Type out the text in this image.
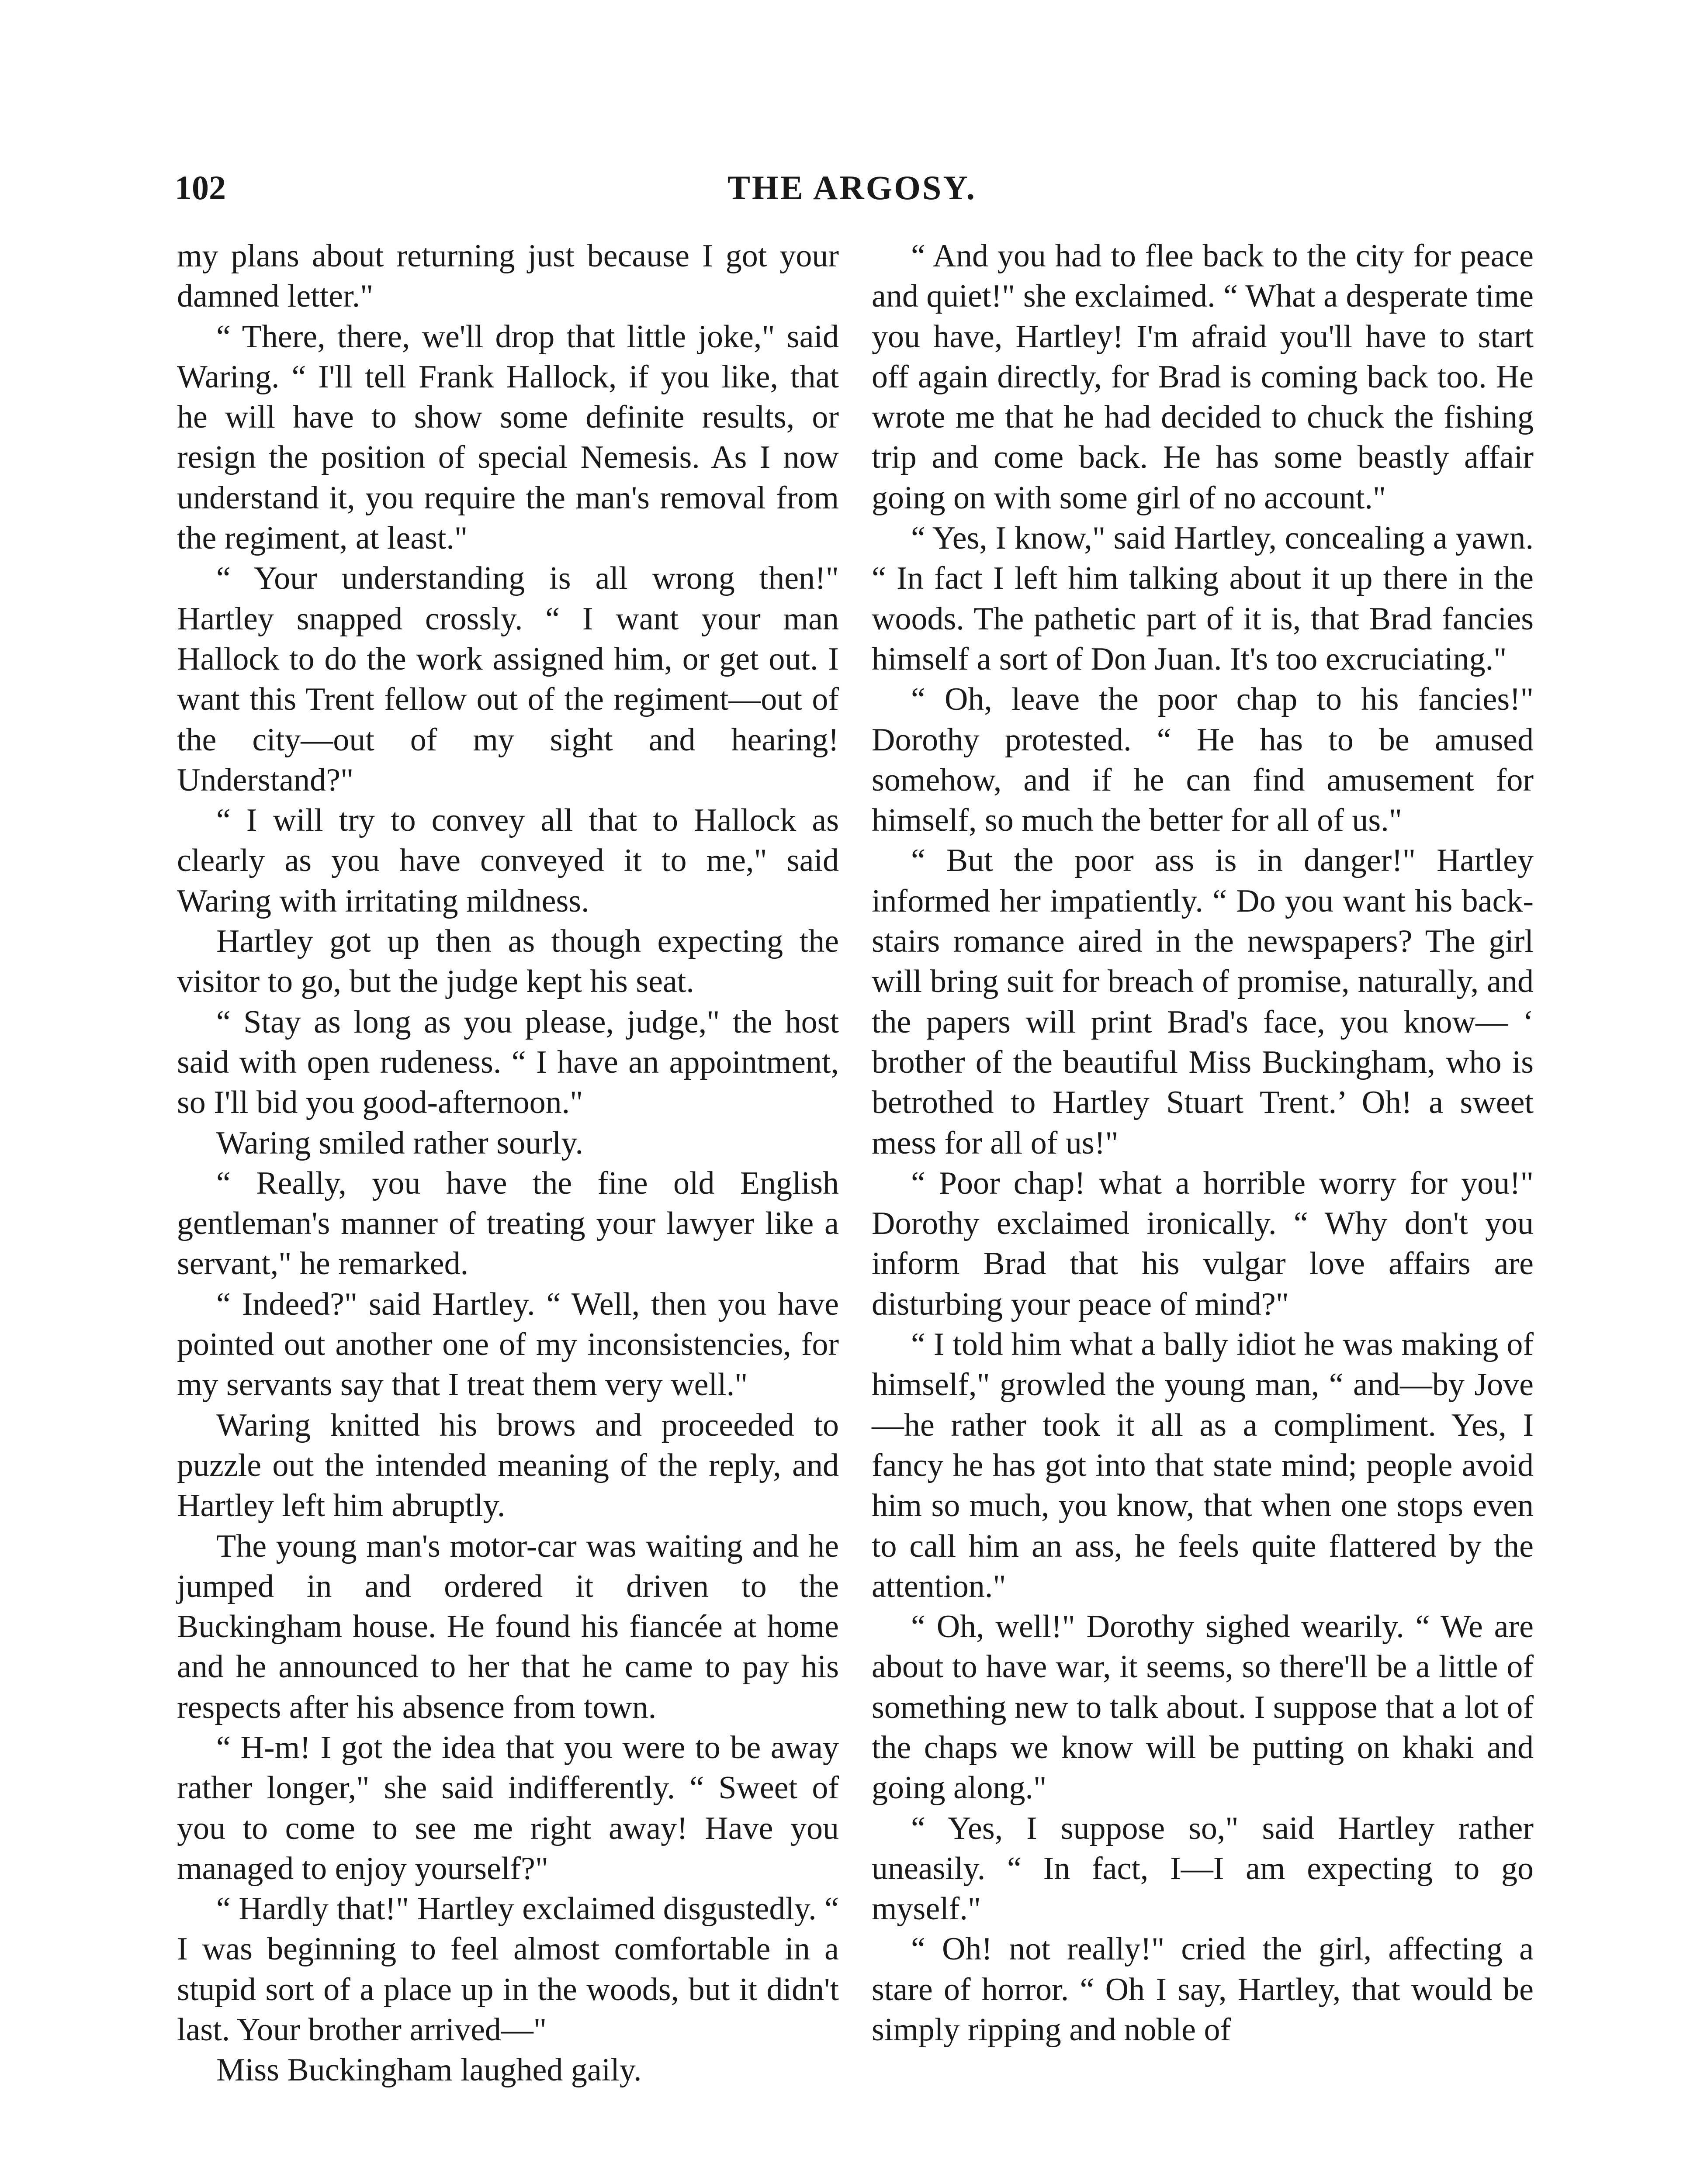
102	THE ARGOSY.

my plans about returning just because I got your damned letter."

“ There, there, we'll drop that little joke," said Waring. “ I'll tell Frank Hallock, if you like, that he will have to show some definite results, or resign the position of special Nemesis. As I now understand it, you require the man's removal from the regiment, at least."

“ Your understanding is all wrong then!" Hartley snapped crossly. “ I want your man Hallock to do the work assigned him, or get out. I want this Trent fellow out of the regiment—out of the city—out of my sight and hearing! Understand?"

“ I will try to convey all that to Hallock as clearly as you have conveyed it to me," said Waring with irritating mildness.

Hartley got up then as though expecting the visitor to go, but the judge kept his seat.

“ Stay as long as you please, judge," the host said with open rudeness. “ I have an appointment, so I'll bid you good-afternoon."

Waring smiled rather sourly.

“ Really, you have the fine old English gentleman's manner of treating your lawyer like a servant," he remarked.

“ Indeed?" said Hartley. “ Well, then you have pointed out another one of my inconsistencies, for my servants say that I treat them very well."

Waring knitted his brows and proceeded to puzzle out the intended meaning of the reply, and Hartley left him abruptly.

The young man's motor-car was waiting and he jumped in and ordered it driven to the Buckingham house. He found his fiancée at home and he announced to her that he came to pay his respects after his absence from town.

“ H-m! I got the idea that you were to be away rather longer," she said indifferently. “ Sweet of you to come to see me right away! Have you managed to enjoy yourself?"

“ Hardly that!" Hartley exclaimed disgustedly. “ I was beginning to feel almost comfortable in a stupid sort of a place up in the woods, but it didn't last. Your brother arrived—"

Miss Buckingham laughed gaily.

“ And you had to flee back to the city for peace and quiet!" she exclaimed. “ What a desperate time you have, Hartley! I'm afraid you'll have to start off again directly, for Brad is coming back too. He wrote me that he had decided to chuck the fishing trip and come back. He has some beastly affair going on with some girl of no account."

“ Yes, I know," said Hartley, concealing a yawn. “ In fact I left him talking about it up there in the woods. The pathetic part of it is, that Brad fancies himself a sort of Don Juan. It's too excruciating."

“ Oh, leave the poor chap to his fancies!" Dorothy protested. “ He has to be amused somehow, and if he can find amusement for himself, so much the better for all of us."

“ But the poor ass is in danger!" Hartley informed her impatiently. “ Do you want his back-stairs romance aired in the newspapers? The girl will bring suit for breach of promise, naturally, and the papers will print Brad's face, you know— ‘ brother of the beautiful Miss Buckingham, who is betrothed to Hartley Stuart Trent.’ Oh! a sweet mess for all of us!"

“ Poor chap! what a horrible worry for you!" Dorothy exclaimed ironically. “ Why don't you inform Brad that his vulgar love affairs are disturbing your peace of mind?"

“ I told him what a bally idiot he was making of himself," growled the young man, “ and—by Jove—he rather took it all as a compliment. Yes, I fancy he has got into that state mind; people avoid him so much, you know, that when one stops even to call him an ass, he feels quite flattered by the attention."

“ Oh, well!" Dorothy sighed wearily. “ We are about to have war, it seems, so there'll be a little of something new to talk about. I suppose that a lot of the chaps we know will be putting on khaki and going along."

“ Yes, I suppose so," said Hartley rather uneasily. “ In fact, I—I am expecting to go myself."

“ Oh! not really!" cried the girl, affecting a stare of horror. “ Oh I say, Hartley, that would be simply ripping and noble of
